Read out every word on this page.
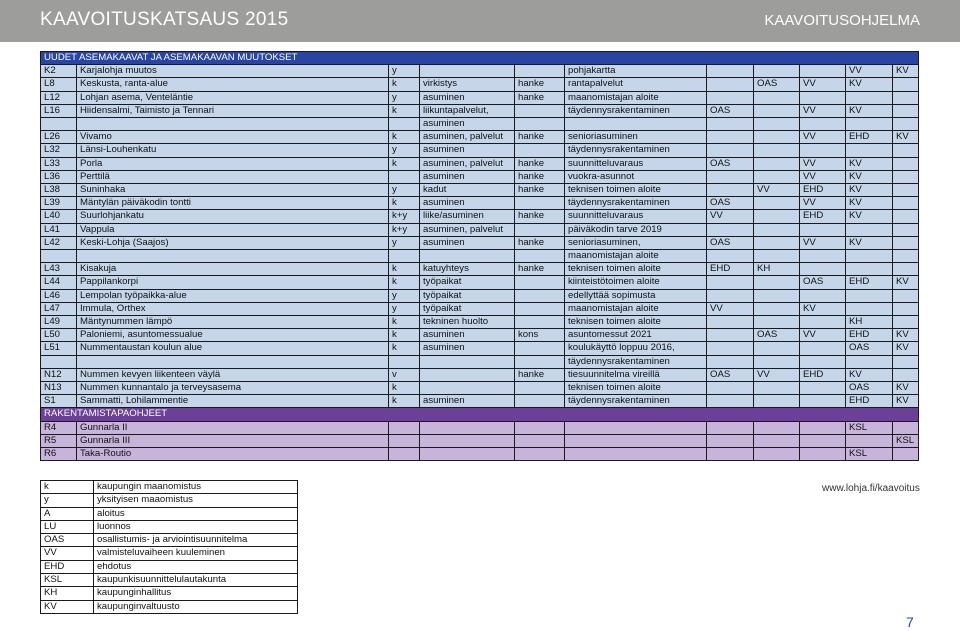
KAAVOITUSKATSAUS 2015	KAAVOITUSOHJELMA
UUDET ASEMAKAAVAT JA ASEMAKAAVAN MUUTOKSET										
K2	Karjalohja muutos	y			pohjakartta				VV	KV
L8	Keskusta, ranta-alue	k	virkistys	hanke	rantapalvelut		OAS	VV	KV	
L12	Lohjan asema, Venteläntie	y	asuminen	hanke	maanomistajan aloite					
L16	Hiidensalmi, Taimisto ja Tennari	k	liikuntapalvelut,		täydennysrakentaminen	OAS		VV	KV	
			asuminen							
L26	Vivamo	k	asuminen, palvelut	hanke	senioriasuminen			VV	EHD	KV
L32	Länsi-Louhenkatu	y	asuminen		täydennysrakentaminen					
L33	Porla	k	asuminen, palvelut	hanke	suunnitteluvaraus	OAS		VV	KV	
L36	Perttilä		asuminen	hanke	vuokra-asunnot			VV	KV	
L38	Suninhaka	y	kadut	hanke	teknisen toimen aloite		VV	EHD	KV	
L39	Mäntylän päiväkodin tontti	k	asuminen		täydennysrakentaminen	OAS		VV	KV	
L40	Suurlohjankatu	k+y	liike/asuminen	hanke	suunnitteluvaraus	VV		EHD	KV	
L41	Vappula	k+y	asuminen, palvelut		päiväkodin tarve 2019					
L42	Keski-Lohja (Saajos)	y	asuminen	hanke	senioriasuminen,	OAS		VV	KV	
					maanomistajan aloite					
L43	Kisakuja	k	katuyhteys	hanke	teknisen toimen aloite	EHD	KH			
L44	Pappilankorpi	k	työpaikat		kiinteistötoimen aloite			OAS	EHD	KV
L46	Lempolan työpaikka-alue	y	työpaikat		edellyttää sopimusta					
L47	Immula, Orthex	y	työpaikat		maanomistajan aloite	VV		KV		
L49	Mäntynummen lämpö	k	tekninen huolto		teknisen toimen aloite				KH	
L50	Paloniemi, asuntomessualue	k	asuminen	kons	asuntomessut 2021		OAS	VV	EHD	KV
L51	Nummentaustan koulun alue	k	asuminen		koulukäyttö loppuu 2016,				OAS	KV
					täydennysrakentaminen					
N12	Nummen kevyen liikenteen väylä	v		hanke	tiesuunnitelma vireillä	OAS	VV	EHD	KV	
N13	Nummen kunnantalo ja terveysasema	k			teknisen toimen aloite				OAS	KV
S1	Sammatti, Lohilammentie	k	asuminen		täydennysrakentaminen				EHD	KV
RAKENTAMISTAPAOHJEET										
R4	Gunnarla II								KSL	
R5	Gunnarla III									KSL
R6	Taka-Routio								KSL	
k	kaupungin maanomistus
y	yksityisen maaomistus
A	aloitus
LU	luonnos
OAS	osallistumis- ja arviointisuunnitelma
VV	valmisteluvaiheen kuuleminen
EHD	ehdotus
KSL	kaupunkisuunnittelulautakunta
KH	kaupunginhallitus
KV	kaupunginvaltuusto
www.lohja.fi/kaavoitus
7
